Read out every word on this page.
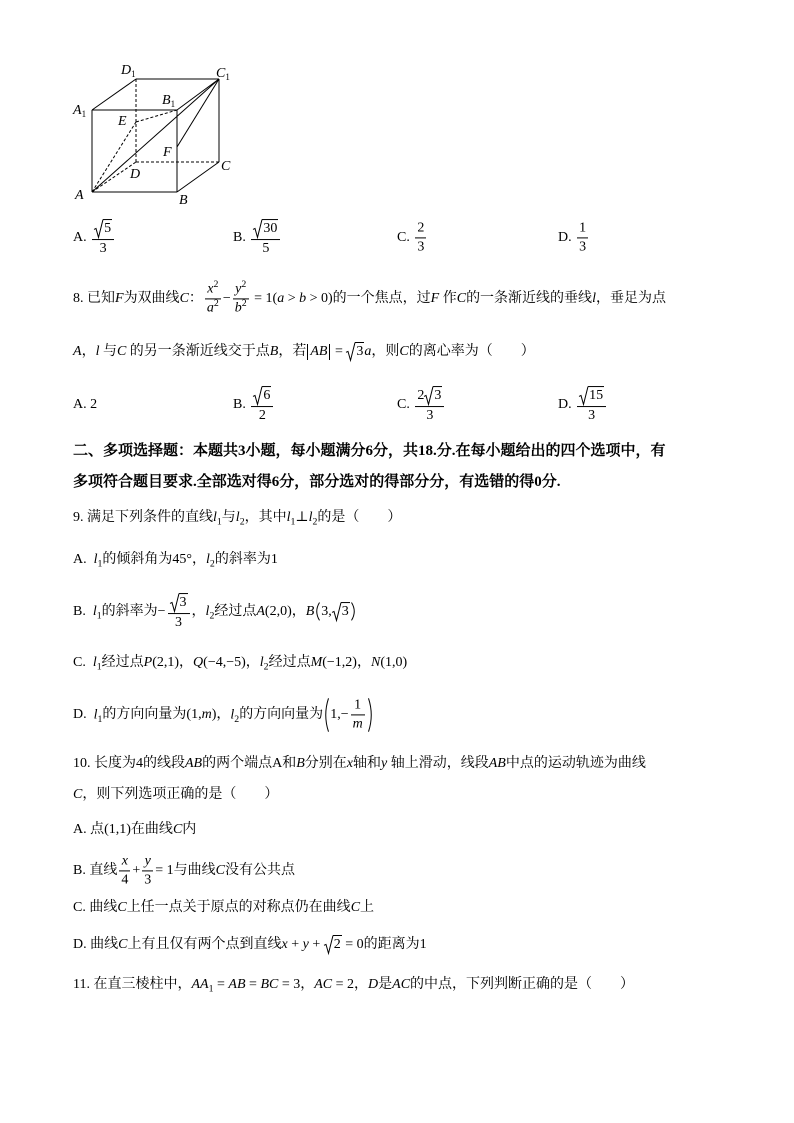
$D_1$	$C_1$
$A_1$
$B_1$
E
F
D
C
A	B
A. $\frac{5}{3}$	B. $\frac{30}{5}$	C. $\frac{2}{3}$	D. $\frac{1}{3}$
8. 已知F为双曲线C： $\frac{x^2}{a^2} - \frac{y^2}{b^2} = 1(a > b > 0)$的一个焦点，过F 作C的一条渐近线的垂线l，垂足为点
A，l 与C 的另一条渐近线交于点B，若 AB =
3a，则C的离心率为（　　）
A. 2	B. $\frac{6}{2}$	C. $\frac{2 3}{3}$	D. $\frac{15}{3}$
二、多项选择题：本题共3小题，每小题满分6分，共18.分.在每小题给出的四个选项中，有
多项符合题目要求.全部选对得6分，部分选对的得部分分，有选错的得0分.
9. 满足下列条件的直线$l_1$与$l_2$，其中$l_1\perp l_2$的是（　　）
A.  $l_1$的倾斜角为45°，$l_2$的斜率为1
B.  $l_1$的斜率为− $\frac{3}{3}$ ，$l_2$经过点A(2,0)，B 3, 3
C.  $l_1$经过点P(2,1)，Q(−4,−5)，$l_2$经过点M(−1,2)，N(1,0)
D.  $l_1$的方向向量为(1,m)，$l_2$的方向向量为 $1,- \frac{1}{m}$
10. 长度为4的线段AB的两个端点A和B分别在x轴和y 轴上滑动，线段AB中点的运动轨迹为曲线
C，则下列选项正确的是（　　）
A. 点(1,1)在曲线C内
B. 直线 $\frac{x}{4} + \frac{y}{3} = 1$与曲线C没有公共点
C. 曲线C上任一点关于原点的对称点仍在曲线C上
D. 曲线C上有且仅有两个点到直线x + y +
2 = 0的距离为1
11. 在直三棱柱中，$AA_1$ = AB = BC = 3，AC = 2，D是AC的中点，下列判断正确的是（　　）
